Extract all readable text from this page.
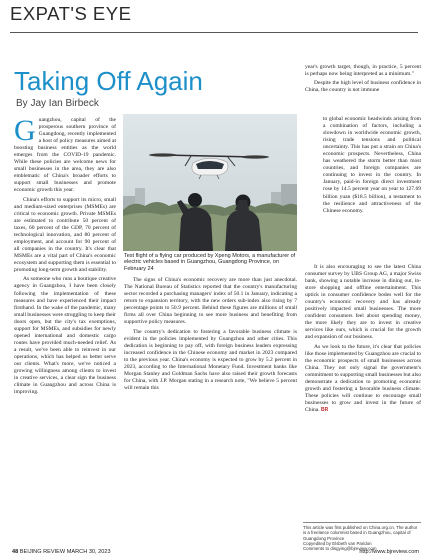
EXPAT'S EYE
Taking Off Again
By Jay Ian Birbeck

Guangzhou, capital of the prosperous southern province of Guangdong, recently implemented a host of policy measures aimed at boosting business entities as the world emerges from the COVID-19 pandemic. While these policies are welcome news for small businesses in the area, they are also emblematic of China's broader efforts to support small businesses and promote economic growth this year.

China's efforts to support its micro, small and medium-sized enterprises (MSMEs) are critical to economic growth. Private MSMEs are estimated to contribute 50 percent of taxes, 60 percent of the GDP, 70 percent of technological innovation, and 80 percent of employment, and account for 90 percent of all companies in the country. It's clear that MSMEs are a vital part of China's economic ecosystem and supporting them is essential to promoting long-term growth and stability.

As someone who runs a boutique creative agency in Guangzhou, I have been closely following the implementation of these measures and have experienced their impact firsthand. In the wake of the pandemic, many small businesses were struggling to keep their doors open, but the city's tax exemptions, support for MSMEs, and subsidies for newly opened international and domestic cargo routes have provided much-needed relief. As a result, we've been able to reinvest in our operations, which has helped us better serve our clients. What's more, we've noticed a growing willingness among clients to invest in creative services, a clear sign the business climate in Guangzhou and across China is improving.

Test flight of a flying car produced by Xpeng Motors, a manufacturer of electric vehicles based in Guangzhou, Guangdong Province, on February 24

The signs of China's economic recovery are more than just anecdotal. The National Bureau of Statistics reported that the country's manufacturing sector recorded a purchasing managers' index of 50.1 in January, indicating a return to expansion territory, with the new orders sub-index also rising by 7 percentage points to 50.9 percent. Behind these figures are millions of small firms all over China beginning to see more business and benefiting from supportive policy measures.

The country's dedication to fostering a favorable business climate is evident in the policies implemented by Guangzhou and other cities. This dedication is beginning to pay off, with foreign business leaders expressing increased confidence in the Chinese economy and market in 2023 compared to the previous year. China's economy is expected to grow by 5.2 percent in 2023, according to the International Monetary Fund. Investment banks like Morgan Stanley and Goldman Sachs have also raised their growth forecasts for China, with J.P. Morgan stating in a research note, "We believe 5 percent will remain this

year's growth target, though, in practice, 5 percent is perhaps now being interpreted as a minimum."

Despite the high level of business confidence in China, the country is not immune

to global economic headwinds arising from a combination of factors, including a slowdown in worldwide economic growth, rising trade tensions and political uncertainty. This has put a strain on China's economic prospects. Nevertheless, China has weathered the storm better than most countries, and foreign companies are continuing to invest in the country. In January, paid-in foreign direct investment rose by 14.5 percent year on year to 127.69 billion yuan ($18.5 billion), a testament to the resilience and attractiveness of the Chinese economy.

It is also encouraging to see the latest China consumer survey by UBS Group AG, a major Swiss bank, showing a notable increase in dining out, in-store shopping and offline entertainment. This uptick in consumer confidence bodes well for the country's economic recovery and has already positively impacted small businesses. The more confident consumers feel about spending money, the more likely they are to invest in creative services like ours, which is crucial for the growth and expansion of our business.

As we look to the future, it's clear that policies like those implemented by Guangzhou are crucial to the economic prospects of small businesses across China. They not only signal the government's commitment to supporting small businesses but also demonstrate a dedication to promoting economic growth and fostering a favorable business climate. These policies will continue to encourage small businesses to grow and invest in the future of China. BR

This article was first published on China.org.cn. The author is a freelance columnist based in Guangzhou, capital of Guangdong Province
Copyedited by Elsbeth van Paridon
Comments to dingying@bjreview.com
48 BEIJING REVIEW MARCH 30, 2023	http://www.bjreview.com
